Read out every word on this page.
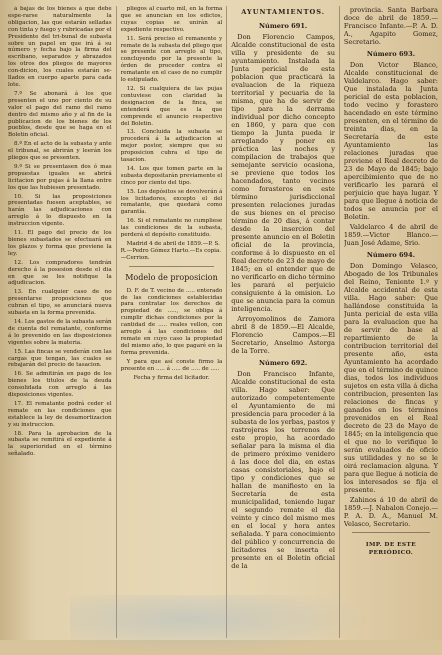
á bajas de los bienes á que debe espe-rarse naturalmente la obligacion, las que estarán selladas con tinta y fuego y rubricadas por el Presidente del tri-bunal de subasta sobre un papel en que irá á su número y fecha bajo la firma del escribano, separados y abrazados los otros dos pliegos de mayores con-dicion, los cuales estarán se-llados en cuerpo aparte para cada lote.

7.º Se abonará á los que presenten el uno por ciento de su valor el pago del ramo del ramo dentro del mismo año y al fin de la publicacion de los bienes de los pueblos, desde que se haga en el Boletin oficial.

8.º En el acto de la subasta y ante el tribunal, se abrirán y leerán los pliegos que se presenten.

9.º Si se presentasen dos ó mas propuestas iguales se abrirá licitacion por pujas á la llana entre los que las hubiesen presentado.

10. Si las proposiciones presentadas fuesen aceptables, se harán las adjudicaciones con arreglo á lo dispuesto en la instruccion vigente.

11. El pago del precio de los bienes subastados se efectuará en los plazos y forma que previene la ley.

12. Los compradores tendrán derecho á la posesion desde el dia en que se les notifique la adjudicacion.

13. En cualquier caso de no presentarse proposiciones que cubran el tipo, se anunciará nueva subasta en la forma prevenida.

14. Los gastos de la subasta serán de cuenta del rematante, conforme á lo prevenido en las disposiciones vigentes sobre la materia.

15. Las fincas se venderán con las cargas que tengan, las cuales se rebajarán del precio de tasacion.

16. Se admitirán en pago de los bienes los titulos de la deuda consolidada con arreglo á las disposiciones vigentes.

17. El rematante podrá ceder el remate en las condiciones que establece la ley de desamortizacion y su instruccion.

18. Para la aprobacion de la subasta se remitirá el expediente á la superioridad en el término señalado.

pliegos al cuarto mil, en la forma que se anuncian en los edictos, cuyas copias se unirán al expediente respectivo.

11. Será preciso el remanente y remate de la subasta del pliego que se presente con arreglo al tipo, concluyendo por la presente la órden de proceder contra el rematante en el caso de no cumplir lo estipulado.

12. Si cualquiera de las pujas contuviese con claridad la designacion de la finca, se entenderá que es la que comprende el anuncio respectivo del Boletin.

13. Concluida la subasta se procederá á la adjudicacion al mejor postor, siempre que su proposicion cubra el tipo de tasacion.

14. Los que tomen parte en la subasta depositarán previamente el cinco por ciento del tipo.

15. Los depósitos se devolverán á los licitadores, excepto el del rematante, que quedará como garantía.

16. Si el rematante no cumpliese las condiciones de la subasta, perderá el depósito constituido.

Madrid 4 de abril de 1859.—P. S. R.—Pedro Gómez Harto.—Es copia.—Cerrion.

Modelo de proposicion

D. F. de T. vecino de ..... enterado de las condiciones establecidas para contratar los derechos de propiedad de ....., se obliga á cumplir dichas condiciones por la cantidad de ..... reales vellon, con arreglo á las condiciones del remate en cuyo caso la propiedad del mismo año, lo que pagaré en la forma prevenida.

Y para que así conste firmo la presente en ..... á ..... de ..... de .....

Fecha y firma del licitador.

AYUNTAMIENTOS.
Número 691.

Don Florencio Campos, Alcalde constitucional de esta villa y presidente de su ayuntamiento. Instalada la Junta pericial de esta poblacion que practicará la evaluacion de la riqueza territorial y pecuaria de la misma, que ha de servir de tipo para la derrama individual por dicho concepto en 1860, y para que con tiempo la Junta pueda ir arreglando y poner en práctica las noches y compilacion de trabajos que semejante servicio ocasiona, se previene que todos los hacendados, tanto vecinos como forasteros en este término jurisdiccional presenten relaciones juradas de sus bienes en el preciso término de 20 dias, á contar desde la insercion del presente anuncio en el Boletin oficial de la provincia, conforme á lo dispuesto en el Real decreto de 23 de mayo de 1845; en el entender que de no verificarlo en dicho término les parará el perjuicio consiguiente á la omision. Lo que se anuncia para la comun inteligencia.

Arroyomolinos de Zamora abril 8 de 1859.—El Alcalde, Florencio Campos.—El Secretario, Anselmo Astorga de la Torre.

Número 692.

Don Francisco Infante, Alcalde constitucional de esta villa. Hago saber: Que autorizado competentemente el Ayuntamiento de mi presidencia para proceder á la subasta de los yerbas, pastos y rastrojeras los terrenos de este propio, ha acordado señalar para la misma el dia de primero próximo venidero á las doce del dia, en estas casas consistoriales, bajo el tipo y condiciones que se hallan de manifiesto en la Secretaría de esta municipalidad, teniendo lugar el segundo remate el dia veinte y cinco del mismo mes en el local y hora antes señalada. Y para conocimiento del público y concurrencia de licitadores se inserta el presente en el Boletin oficial de la

provincia. Santa Barbara doce de abril de 1859.—Francisco Infante.—P. A. D. A., Agapito Gomez, Secretario.

Número 693.

Don Victor Blanco, Alcalde constitucional de Valdelarco. Hago saber: Que instalada la Junta pericial de esta poblacion, todo vecino y forastero hacendado en este término presenten, en el término de treinta dias, en la Secretaría de este Ayuntamiento las relaciones juradas que previene el Real decreto de 23 de Mayo de 1845; bajo apercibimiento que de no verificarlo les parará el perjuicio que haya lugar. Y para que llegue á noticia de todos se anuncia por el Boletin.

Valdelarco 4 de abril de 1859.—Victor Blanco.—Juan José Adame, Srio.

Número 694.

Don Domingo Velasco, Abogado de los Tribunales del Reino, Teniente 1.º y Alcalde accidental de esta villa. Hago saber: Que hallándose constituida la Junta pericial de esta villa para la evaluacion que ha de servir de base al repartimiento de la contribucion territorial del presente año, esta Ayuntamiento ha acordado que en el término de quince dias, todos los individuos sujetos en esta villa á dicha contribucion, presenten las relaciones de fincas y ganados en los términos prevenidos en el Real decreto de 23 de Mayo de 1845; en la inteligencia que el que no lo verifique le serán evaluados de oficio sus utilidades y no se le oirá reclamacion alguna. Y para que llegue á noticia de los interesados se fija el presente.

Zahinos á 10 de abril de 1859.—J. Nabalon Conejo.—P. A. D. A., Manuel M. Velasco, Secretario.

IMP. DE ESTE PERIÓDICO.
